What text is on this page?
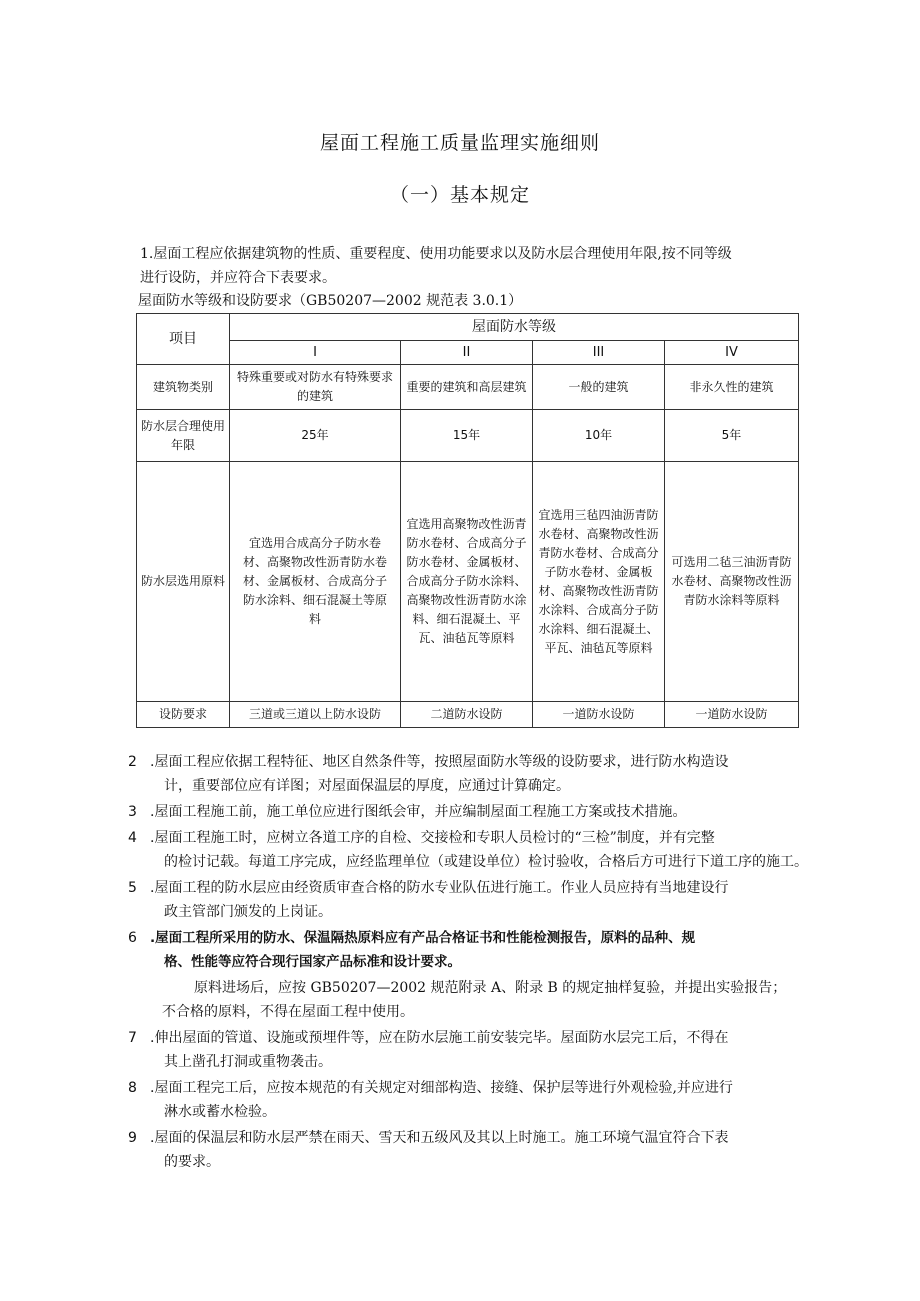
屋面工程施工质量监理实施细则
（一）基本规定
1.屋面工程应依据建筑物的性质、重要程度、使用功能要求以及防水层合理使用年限,按不同等级
进行设防，并应符合下表要求。
屋面防水等级和设防要求（GB50207—2002 规范表 3.0.1）
项目	屋面防水等级			
	I	II	III	IV
建筑物类别	特殊重要或对防水有特殊要求的建筑	重要的建筑和高层建筑	一般的建筑	非永久性的建筑
防水层合理使用年限	25年	15年	10年	5年
防水层选用原料	宜选用合成高分子防水卷材、高聚物改性沥青防水卷材、金属板材、合成高分子防水涂料、细石混凝土等原料	宜选用高聚物改性沥青防水卷材、合成高分子防水卷材、金属板材、合成高分子防水涂料、高聚物改性沥青防水涂料、细石混凝土、平瓦、油毡瓦等原料	宜选用三毡四油沥青防水卷材、高聚物改性沥青防水卷材、合成高分子防水卷材、金属板材、高聚物改性沥青防水涂料、合成高分子防水涂料、细石混凝土、平瓦、油毡瓦等原料	可选用二毡三油沥青防水卷材、高聚物改性沥青防水涂料等原料
设防要求	三道或三道以上防水设防	二道防水设防	一道防水设防	一道防水设防
2 .屋面工程应依据工程特征、地区自然条件等，按照屋面防水等级的设防要求，进行防水构造设
计，重要部位应有详图；对屋面保温层的厚度，应通过计算确定。
3 .屋面工程施工前，施工单位应进行图纸会审，并应编制屋面工程施工方案或技术措施。
4 .屋面工程施工时，应树立各道工序的自检、交接检和专职人员检讨的“三检”制度，并有完整
的检讨记载。每道工序完成，应经监理单位（或建设单位）检讨验收，合格后方可进行下道工序的施工。
5 .屋面工程的防水层应由经资质审查合格的防水专业队伍进行施工。作业人员应持有当地建设行
政主管部门颁发的上岗证。
6 .屋面工程所采用的防水、保温隔热原料应有产品合格证书和性能检测报告，原料的品种、规
格、性能等应符合现行国家产品标准和设计要求。
原料进场后，应按 GB50207—2002 规范附录 A、附录 B 的规定抽样复验，并提出实验报告；
不合格的原料，不得在屋面工程中使用。
7 .伸出屋面的管道、设施或预埋件等，应在防水层施工前安装完毕。屋面防水层完工后，不得在
其上凿孔打洞或重物袭击。
8 .屋面工程完工后，应按本规范的有关规定对细部构造、接缝、保护层等进行外观检验,并应进行
淋水或蓄水检验。
9 .屋面的保温层和防水层严禁在雨天、雪天和五级风及其以上时施工。施工环境气温宜符合下表
的要求。
